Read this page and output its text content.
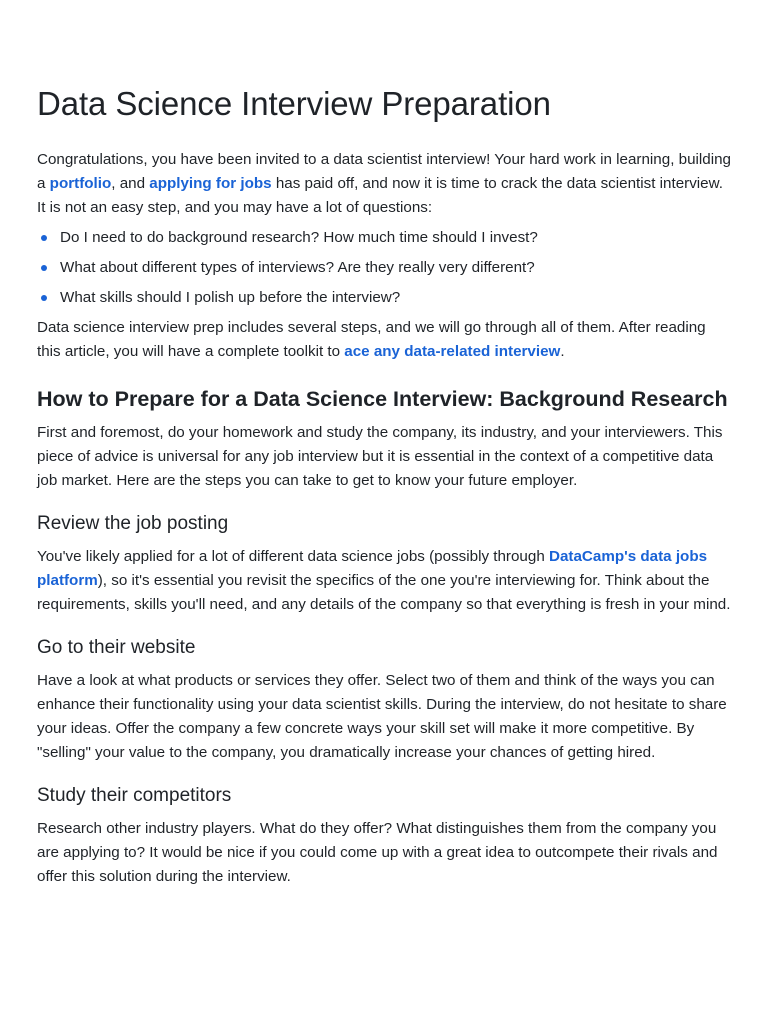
Data Science Interview Preparation

Congratulations, you have been invited to a data scientist interview! Your hard work in learning, building a portfolio, and applying for jobs has paid off, and now it is time to crack the data scientist interview. It is not an easy step, and you may have a lot of questions:

Do I need to do background research? How much time should I invest?
What about different types of interviews? Are they really very different?
What skills should I polish up before the interview?

Data science interview prep includes several steps, and we will go through all of them. After reading this article, you will have a complete toolkit to ace any data-related interview.

How to Prepare for a Data Science Interview: Background Research

First and foremost, do your homework and study the company, its industry, and your interviewers. This piece of advice is universal for any job interview but it is essential in the context of a competitive data job market. Here are the steps you can take to get to know your future employer.

Review the job posting

You've likely applied for a lot of different data science jobs (possibly through DataCamp's data jobs platform), so it's essential you revisit the specifics of the one you're interviewing for. Think about the requirements, skills you'll need, and any details of the company so that everything is fresh in your mind.

Go to their website

Have a look at what products or services they offer. Select two of them and think of the ways you can enhance their functionality using your data scientist skills. During the interview, do not hesitate to share your ideas. Offer the company a few concrete ways your skill set will make it more competitive. By "selling" your value to the company, you dramatically increase your chances of getting hired.

Study their competitors

Research other industry players. What do they offer? What distinguishes them from the company you are applying to? It would be nice if you could come up with a great idea to outcompete their rivals and offer this solution during the interview.
